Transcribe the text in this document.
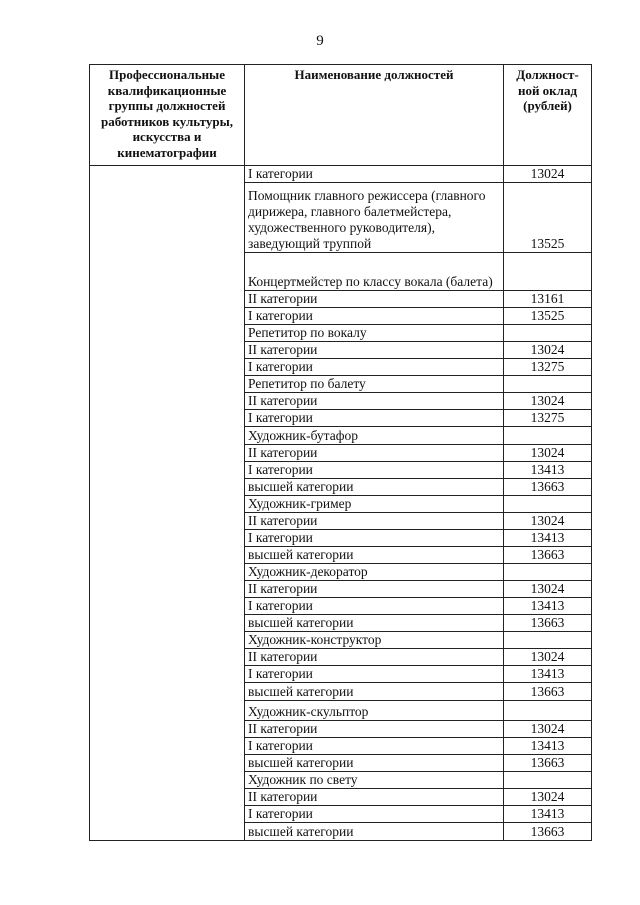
9
Профессиональные квалификационные группы должностей работников культуры, искусства и кинематографии	Наименование должностей	Должност-ной оклад (рублей)
	I категории	13024
	Помощник главного режиссера (главного дирижера, главного балетмейстера, художественного руководителя), заведующий труппой	13525
	Концертмейстер по классу вокала (балета)	
	II категории	13161
	I категории	13525
	Репетитор по вокалу	
	II категории	13024
	I категории	13275
	Репетитор по балету	
	II категории	13024
	I категории	13275
	Художник-бутафор	
	II категории	13024
	I категории	13413
	высшей категории	13663
	Художник-гример	
	II категории	13024
	I категории	13413
	высшей категории	13663
	Художник-декоратор	
	II категории	13024
	I категории	13413
	высшей категории	13663
	Художник-конструктор	
	II категории	13024
	I категории	13413
	высшей категории	13663
	Художник-скульптор	
	II категории	13024
	I категории	13413
	высшей категории	13663
	Художник по свету	
	II категории	13024
	I категории	13413
	высшей категории	13663
